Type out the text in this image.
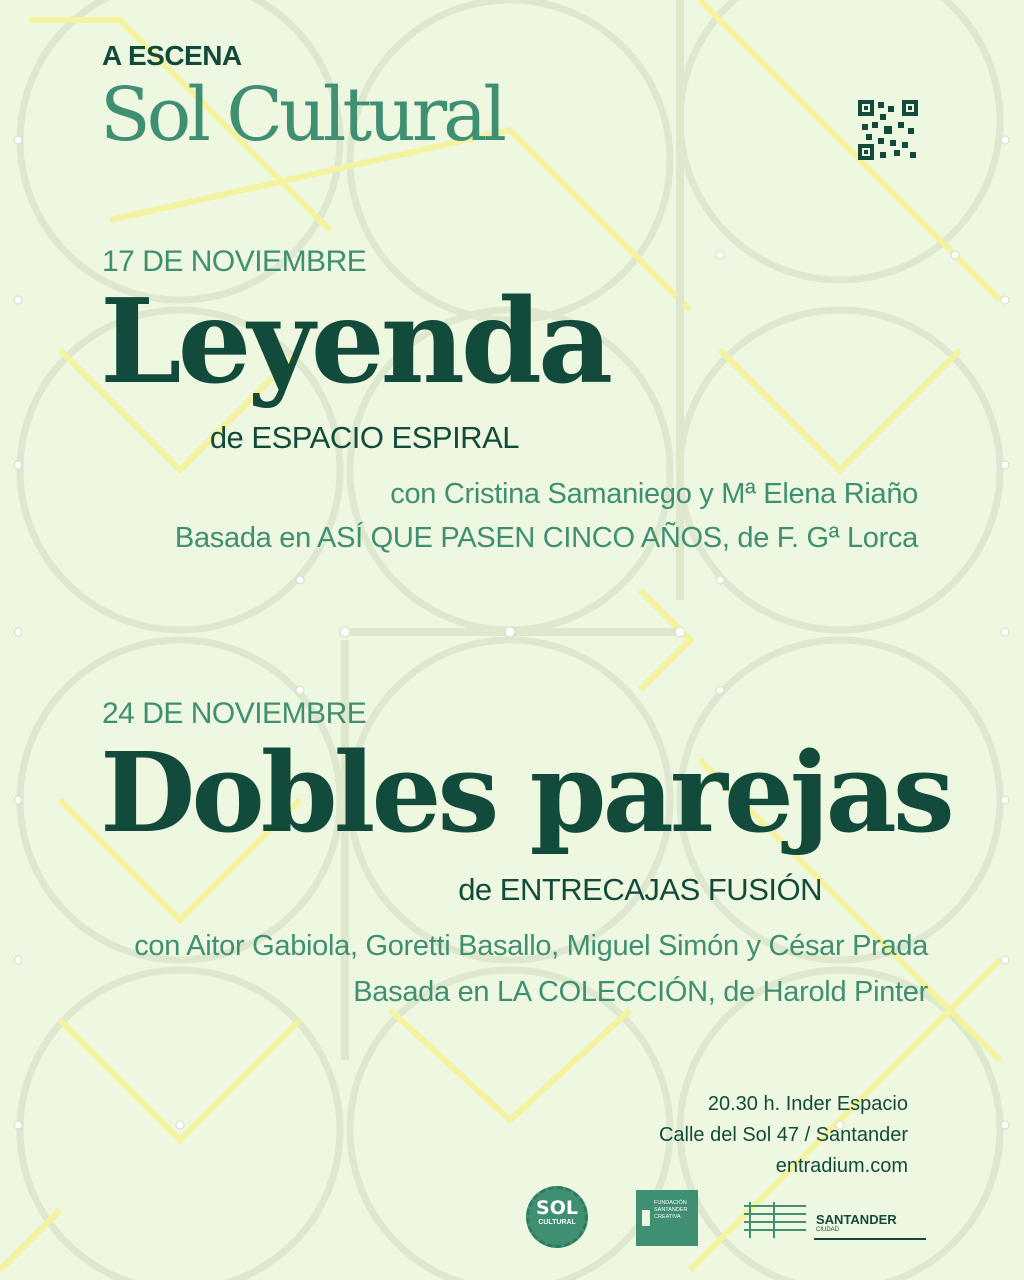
A ESCENA

Sol Cultural

17 DE NOVIEMBRE

Leyenda

de ESPACIO ESPIRAL

con Cristina Samaniego y Mª Elena Riaño

Basada en ASÍ QUE PASEN CINCO AÑOS, de F. Gª Lorca

24 DE NOVIEMBRE

Dobles parejas

de ENTRECAJAS FUSIÓN

con Aitor Gabiola, Goretti Basallo, Miguel Simón y César Prada

Basada en LA COLECCIÓN, de Harold Pinter

20.30 h. Inder Espacio

Calle del Sol 47 / Santander

entradium.com

SOL
CULTURAL
FUNDACIÓN
SANTANDER
CREATIVA	SANTANDER
CIUDAD
